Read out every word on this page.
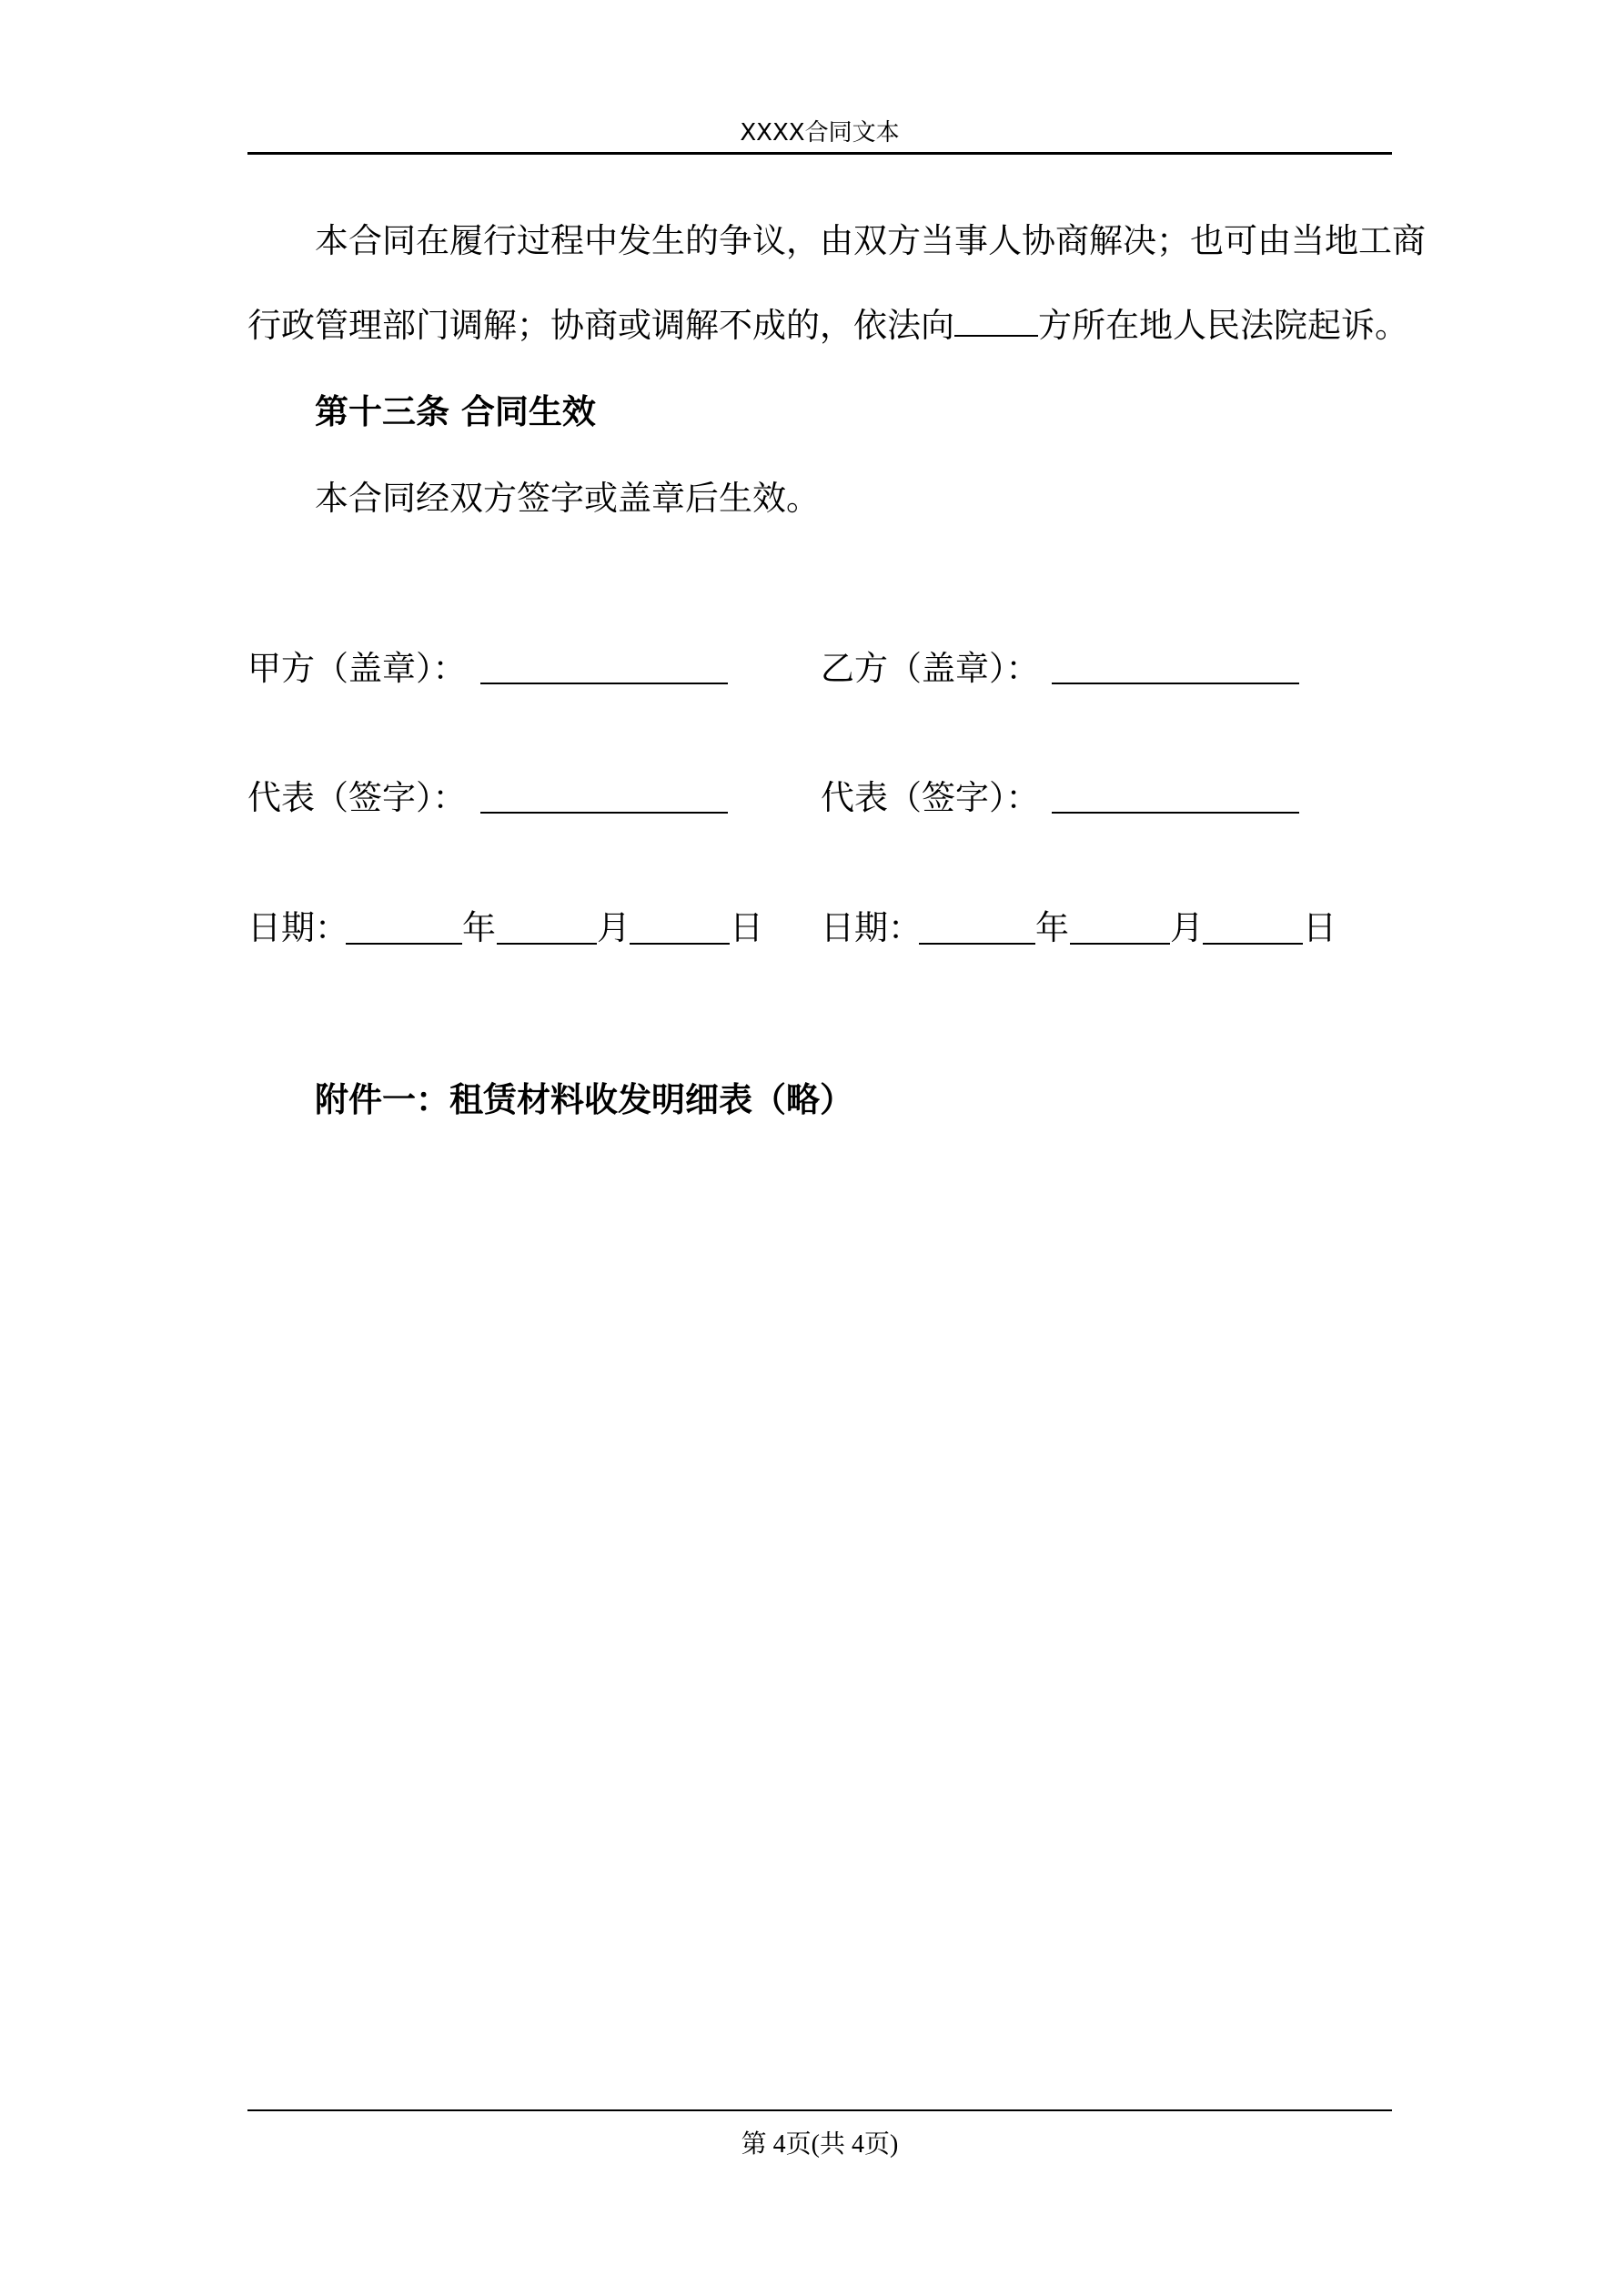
XXXX合同文本
本合同在履行过程中发生的争议，由双方当事人协商解决；也可由当地工商
行政管理部门调解；协商或调解不成的，依法向 方所在地人民法院起诉。
第十三条 合同生效
本合同经双方签字或盖章后生效。
甲方（盖章）：	乙方（盖章）：
代表（签字）：	代表（签字）：
日期：	年	月	日 日期：	年	月	日
附件一：租赁材料收发明细表（略）
第 4页(共 4页)
